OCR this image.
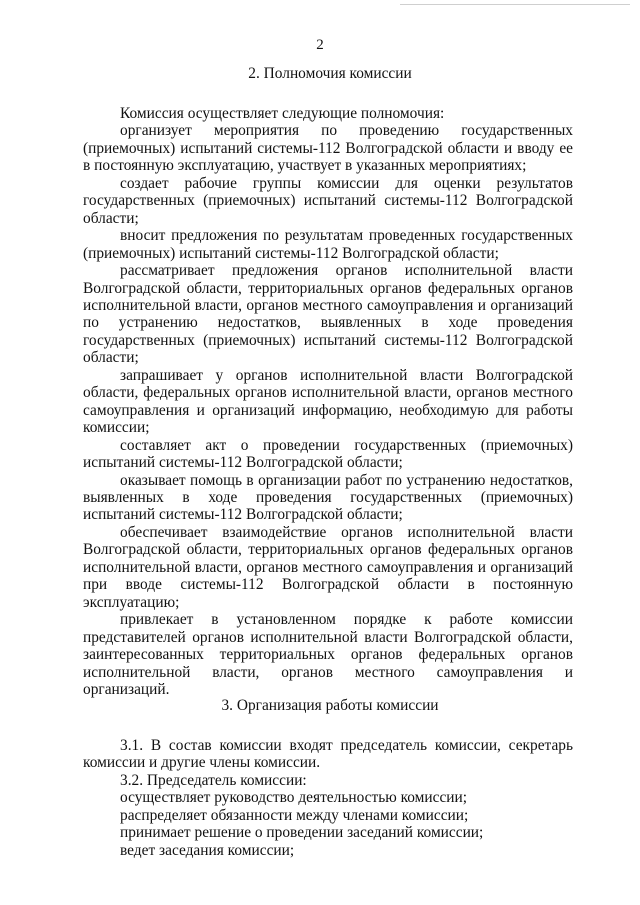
2
2. Полномочия комиссии

Комиссия осуществляет следующие полномочия:

организует мероприятия по проведению государственных (приемочных) испытаний системы-112 Волгоградской области и вводу ее в постоянную эксплуатацию, участвует в указанных мероприятиях;

создает рабочие группы комиссии для оценки результатов государственных (приемочных) испытаний системы-112 Волгоградской области;

вносит предложения по результатам проведенных государственных (приемочных) испытаний системы-112 Волгоградской области;

рассматривает предложения органов исполнительной власти Волгоградской области, территориальных органов федеральных органов исполнительной власти, органов местного самоуправления и организаций по устранению недостатков, выявленных в ходе проведения государственных (приемочных) испытаний системы-112 Волгоградской области;

запрашивает у органов исполнительной власти Волгоградской области, федеральных органов исполнительной власти, органов местного самоуправления и организаций информацию, необходимую для работы комиссии;

составляет акт о проведении государственных (приемочных) испытаний системы-112 Волгоградской области;

оказывает помощь в организации работ по устранению недостатков, выявленных в ходе проведения государственных (приемочных) испытаний системы-112 Волгоградской области;

обеспечивает взаимодействие органов исполнительной власти Волгоградской области, территориальных органов федеральных органов исполнительной власти, органов местного самоуправления и организаций при вводе системы-112 Волгоградской области в постоянную эксплуатацию;

привлекает в установленном порядке к работе комиссии представителей органов исполнительной власти Волгоградской области, заинтересованных территориальных органов федеральных органов исполнительной власти, органов местного самоуправления и организаций.

3. Организация работы комиссии

3.1. В состав комиссии входят председатель комиссии, секретарь комиссии и другие члены комиссии.

3.2. Председатель комиссии:

осуществляет руководство деятельностью комиссии;

распределяет обязанности между членами комиссии;

принимает решение о проведении заседаний комиссии;

ведет заседания комиссии;
